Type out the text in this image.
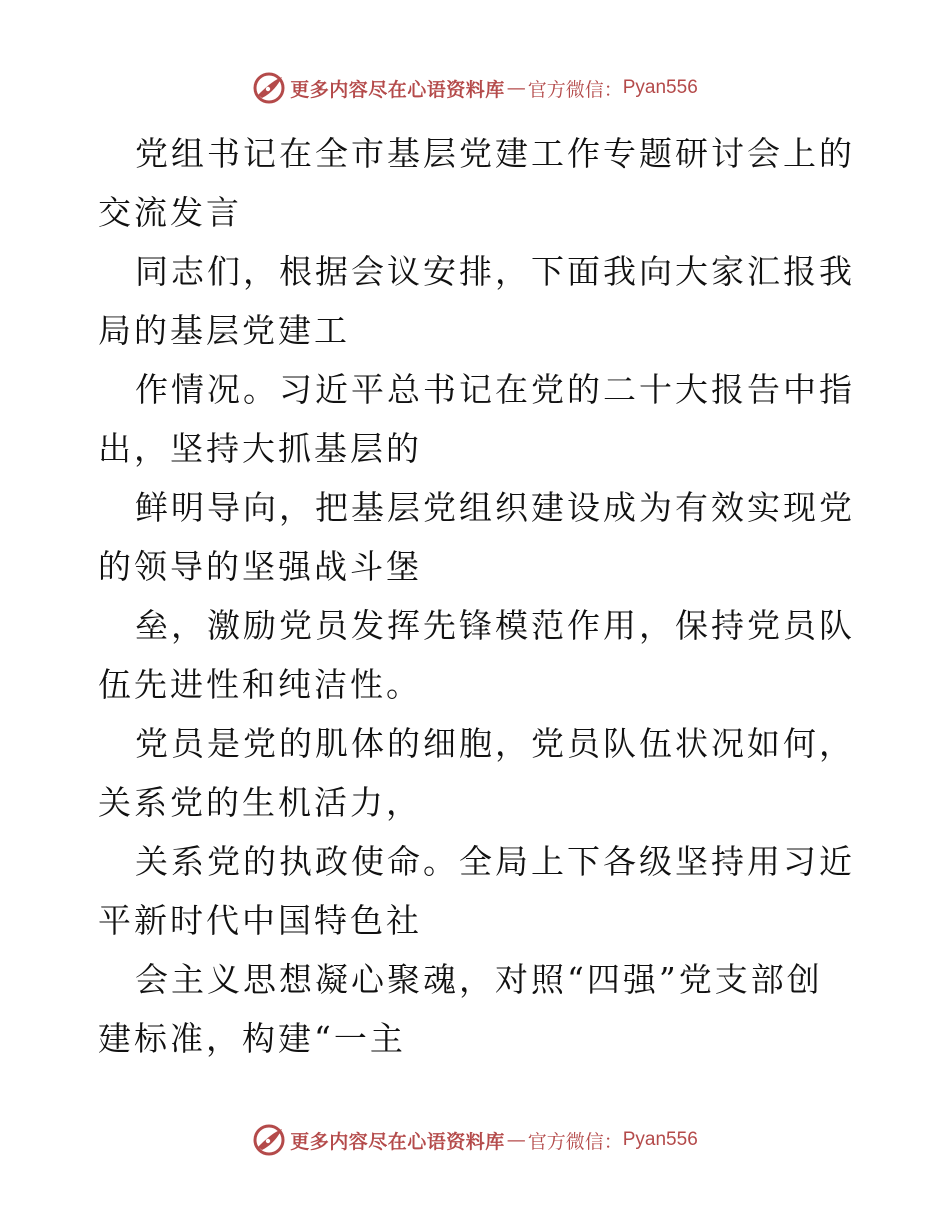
更多内容尽在心语资料库 — 官方微信： Pyan556

党组书记在全市基层党建工作专题研讨会上的交流发言

同志们，根据会议安排，下面我向大家汇报我局的基层党建工

作情况。习近平总书记在党的二十大报告中指出，坚持大抓基层的

鲜明导向，把基层党组织建设成为有效实现党的领导的坚强战斗堡

垒，激励党员发挥先锋模范作用，保持党员队伍先进性和纯洁性。

党员是党的肌体的细胞，党员队伍状况如何，关系党的生机活力，

关系党的执政使命。全局上下各级坚持用习近平新时代中国特色社

会主义思想凝心聚魂，对照“四强”党支部创建标准，构建“一主

更多内容尽在心语资料库 — 官方微信： Pyan556
